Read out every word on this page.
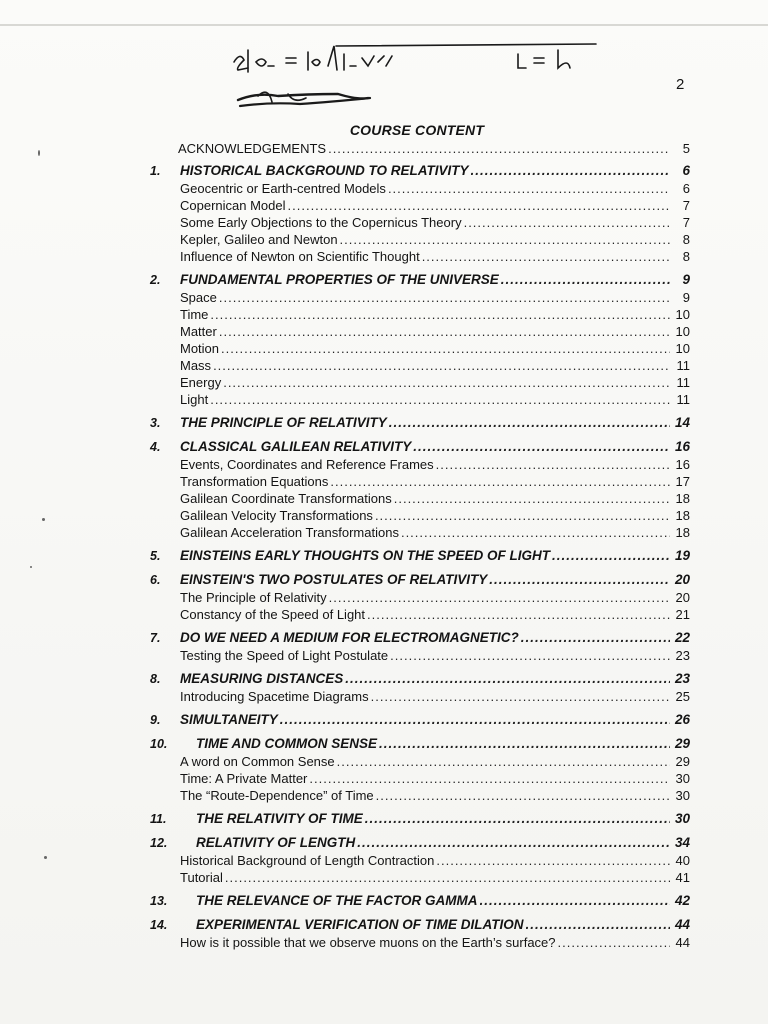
2
COURSE CONTENT
ACKNOWLEDGEMENTS .....	5
1.	HISTORICAL BACKGROUND TO RELATIVITY .....	6
Geocentric or Earth-centred Models .....	6
Copernican Model .....	7
Some Early Objections to the Copernicus Theory .....	7
Kepler, Galileo and Newton .....	8
Influence of Newton on Scientific Thought .....	8
2.	FUNDAMENTAL PROPERTIES OF THE UNIVERSE .....	9
Space .....	9
Time .....	10
Matter .....	10
Motion .....	10
Mass .....	11
Energy .....	11
Light .....	11
3.	THE PRINCIPLE OF RELATIVITY .....	14
4.	CLASSICAL GALILEAN RELATIVITY .....	16
Events, Coordinates and Reference Frames .....	16
Transformation Equations .....	17
Galilean Coordinate Transformations .....	18
Galilean Velocity Transformations .....	18
Galilean Acceleration Transformations .....	18
5.	EINSTEINS EARLY THOUGHTS ON THE SPEED OF LIGHT .....	19
6.	EINSTEIN'S TWO POSTULATES OF RELATIVITY .....	20
The Principle of Relativity .....	20
Constancy of the Speed of Light .....	21
7.	DO WE NEED A MEDIUM FOR ELECTROMAGNETIC? .....	22
Testing the Speed of Light Postulate .....	23
8.	MEASURING DISTANCES .....	23
Introducing Spacetime Diagrams .....	25
9.	SIMULTANEITY .....	26
10.	TIME AND COMMON SENSE .....	29
A word on Common Sense .....	29
Time: A Private Matter .....	30
The “Route-Dependence” of Time .....	30
11.	THE RELATIVITY OF TIME .....	30
12.	RELATIVITY OF LENGTH .....	34
Historical Background of Length Contraction .....	40
Tutorial .....	41
13.	THE RELEVANCE OF THE FACTOR GAMMA .....	42
14.	EXPERIMENTAL VERIFICATION OF TIME DILATION .....	44
How is it possible that we observe muons on the Earth’s surface? .....	44
